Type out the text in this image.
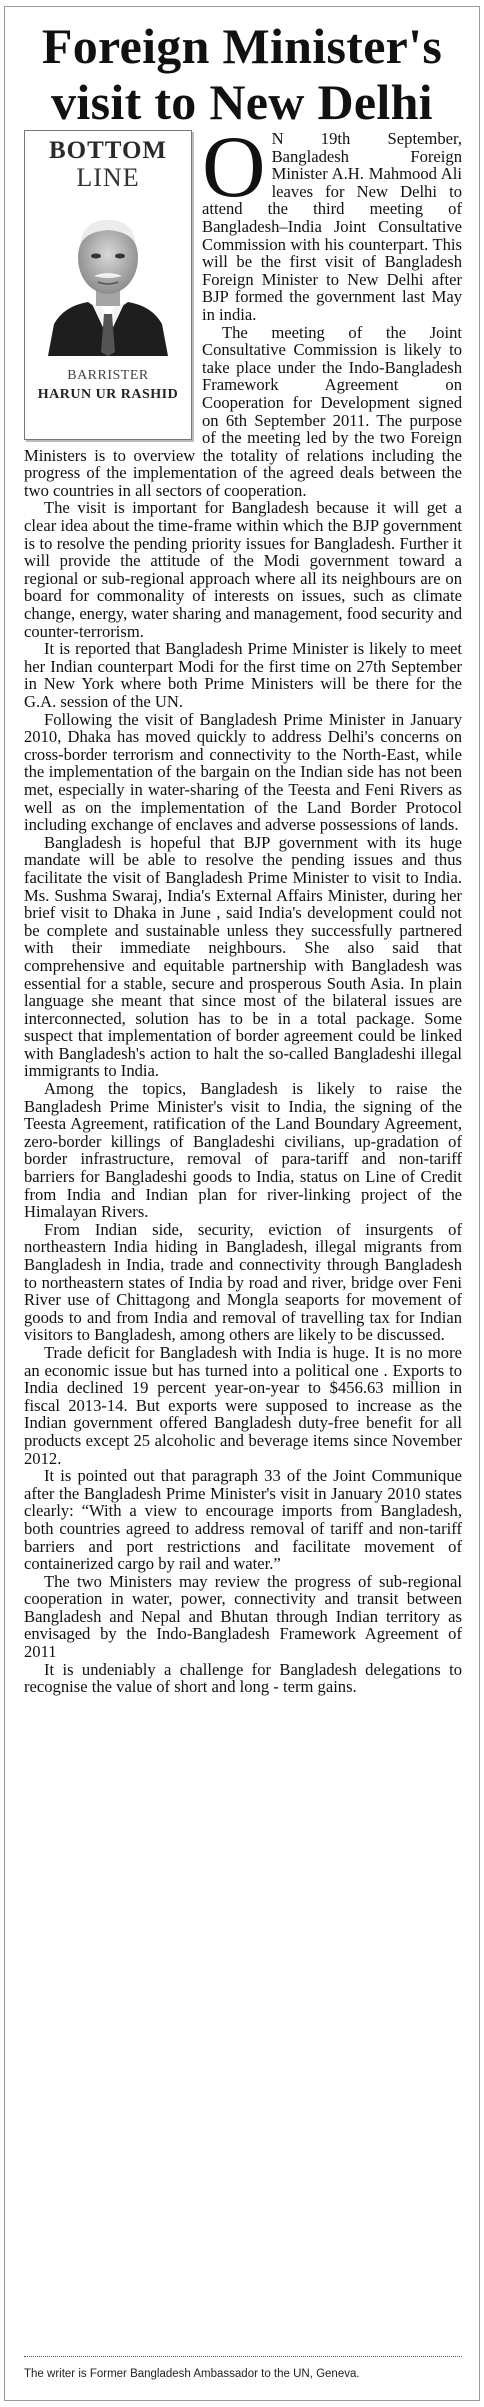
Foreign Minister's visit to New Delhi
BOTTOM
LINE
BARRISTER
HARUN UR RASHID

O N 19th September, Bangladesh Foreign Minister A.H. Mahmood Ali leaves for New Delhi to attend the third meeting of Bangladesh–India Joint Consultative Commission with his counterpart. This will be the first visit of Bangladesh Foreign Minister to New Delhi after BJP formed the government last May in india.

The meeting of the Joint Consultative Commission is likely to take place under the Indo-Bangladesh Framework Agreement on Cooperation for Development signed on 6th September 2011. The purpose of the meeting led by the two Foreign Ministers is to overview the totality of relations including the progress of the implementation of the agreed deals between the two countries in all sectors of cooperation.

The visit is important for Bangladesh because it will get a clear idea about the time-frame within which the BJP government is to resolve the pending priority issues for Bangladesh. Further it will provide the attitude of the Modi government toward a regional or sub-regional approach where all its neighbours are on board for commonality of interests on issues, such as climate change, energy, water sharing and management, food security and counter-terrorism.

It is reported that Bangladesh Prime Minister is likely to meet her Indian counterpart Modi for the first time on 27th September in New York where both Prime Ministers will be there for the G.A. session of the UN.

Following the visit of Bangladesh Prime Minister in January 2010, Dhaka has moved quickly to address Delhi's concerns on cross-border terrorism and connectivity to the North-East, while the implementation of the bargain on the Indian side has not been met, especially in water-sharing of the Teesta and Feni Rivers as well as on the implementation of the Land Border Protocol including exchange of enclaves and adverse possessions of lands.

Bangladesh is hopeful that BJP government with its huge mandate will be able to resolve the pending issues and thus facilitate the visit of Bangladesh Prime Minister to visit to India. Ms. Sushma Swaraj, India's External Affairs Minister, during her brief visit to Dhaka in June , said India's development could not be complete and sustainable unless they successfully partnered with their immediate neighbours. She also said that comprehensive and equitable partnership with Bangladesh was essential for a stable, secure and prosperous South Asia. In plain language she meant that since most of the bilateral issues are interconnected, solution has to be in a total package. Some suspect that implementation of border agreement could be linked with Bangladesh's action to halt the so-called Bangladeshi illegal immigrants to India.

Among the topics, Bangladesh is likely to raise the Bangladesh Prime Minister's visit to India, the signing of the Teesta Agreement, ratification of the Land Boundary Agreement, zero-border killings of Bangladeshi civilians, up-gradation of border infrastructure, removal of para-tariff and non-tariff barriers for Bangladeshi goods to India, status on Line of Credit from India and Indian plan for river-linking project of the Himalayan Rivers.

From Indian side, security, eviction of insurgents of northeastern India hiding in Bangladesh, illegal migrants from Bangladesh in India, trade and connectivity through Bangladesh to northeastern states of India by road and river, bridge over Feni River use of Chittagong and Mongla seaports for movement of goods to and from India and removal of travelling tax for Indian visitors to Bangladesh, among others are likely to be discussed.

Trade deficit for Bangladesh with India is huge. It is no more an economic issue but has turned into a political one . Exports to India declined 19 percent year-on-year to $456.63 million in fiscal 2013-14. But exports were supposed to increase as the Indian government offered Bangladesh duty-free benefit for all products except 25 alcoholic and beverage items since November 2012.

It is pointed out that paragraph 33 of the Joint Communique after the Bangladesh Prime Minister's visit in January 2010 states clearly: “With a view to encourage imports from Bangladesh, both countries agreed to address removal of tariff and non-tariff barriers and port restrictions and facilitate movement of containerized cargo by rail and water.”

The two Ministers may review the progress of sub-regional cooperation in water, power, connectivity and transit between Bangladesh and Nepal and Bhutan through Indian territory as envisaged by the Indo-Bangladesh Framework Agreement of 2011

It is undeniably a challenge for Bangladesh delegations to recognise the value of short and long - term gains.

The writer is Former Bangladesh Ambassador to the UN, Geneva.
